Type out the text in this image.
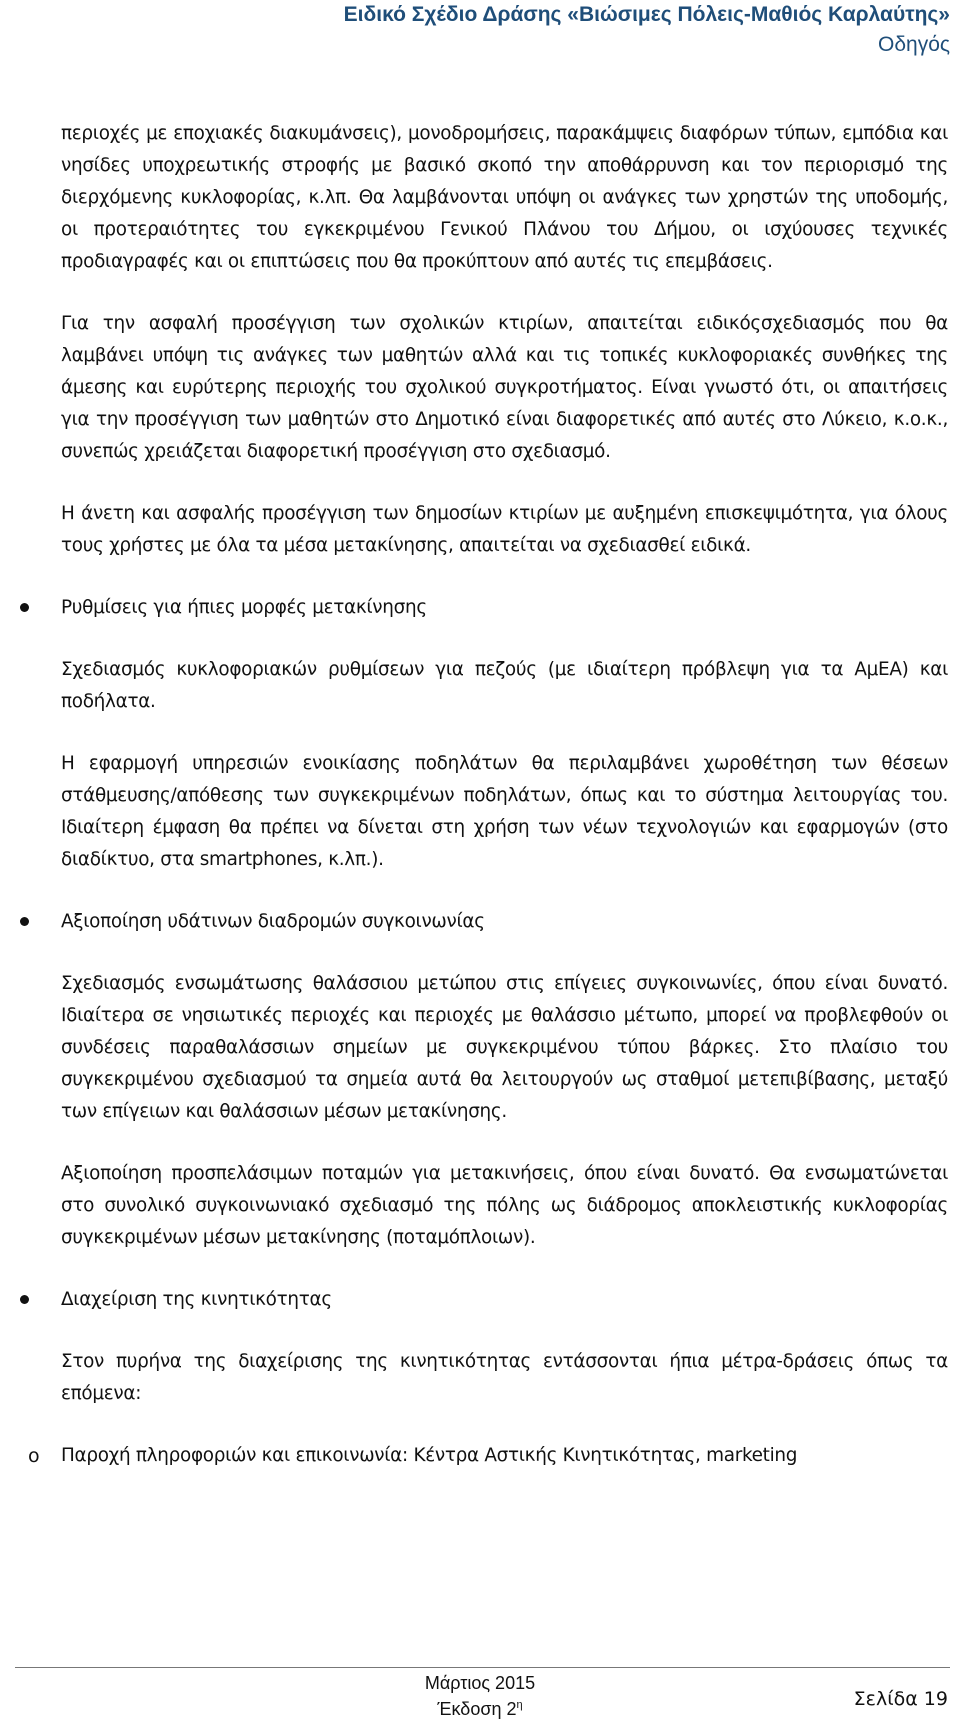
Ειδικό Σχέδιο Δράσης «Βιώσιμες Πόλεις-Μαθιός Καρλαύτης»
Οδηγός

περιοχές με εποχιακές διακυμάνσεις), μονοδρομήσεις, παρακάμψεις διαφόρων τύπων, εμπόδια και νησίδες υποχρεωτικής στροφής με βασικό σκοπό την αποθάρρυνση και τον περιορισμό της διερχόμενης κυκλοφορίας, κ.λπ. Θα λαμβάνονται υπόψη οι ανάγκες των χρηστών της υποδομής, οι προτεραιότητες του εγκεκριμένου Γενικού Πλάνου του Δήμου, οι ισχύουσες τεχνικές προδιαγραφές και οι επιπτώσεις που θα προκύπτουν από αυτές τις επεμβάσεις.

Για την ασφαλή προσέγγιση των σχολικών κτιρίων, απαιτείται ειδικόςσχεδιασμός που θα λαμβάνει υπόψη τις ανάγκες των μαθητών αλλά και τις τοπικές κυκλοφοριακές συνθήκες της άμεσης και ευρύτερης περιοχής του σχολικού συγκροτήματος. Είναι γνωστό ότι, οι απαιτήσεις για την προσέγγιση των μαθητών στο Δημοτικό είναι διαφορετικές από αυτές στο Λύκειο, κ.ο.κ., συνεπώς χρειάζεται διαφορετική προσέγγιση στο σχεδιασμό.

Η άνετη και ασφαλής προσέγγιση των δημοσίων κτιρίων με αυξημένη επισκεψιμότητα, για όλους τους χρήστες με όλα τα μέσα μετακίνησης, απαιτείται να σχεδιασθεί ειδικά.

Ρυθμίσεις για ήπιες μορφές μετακίνησης

Σχεδιασμός κυκλοφοριακών ρυθμίσεων για πεζούς (με ιδιαίτερη πρόβλεψη για τα ΑμΕΑ) και ποδήλατα.

Η εφαρμογή υπηρεσιών ενοικίασης ποδηλάτων θα περιλαμβάνει χωροθέτηση των θέσεων στάθμευσης/απόθεσης των συγκεκριμένων ποδηλάτων, όπως και το σύστημα λειτουργίας του. Ιδιαίτερη έμφαση θα πρέπει να δίνεται στη χρήση των νέων τεχνολογιών και εφαρμογών (στο διαδίκτυο, στα smartphones, κ.λπ.).

Αξιοποίηση υδάτινων διαδρομών συγκοινωνίας

Σχεδιασμός ενσωμάτωσης θαλάσσιου μετώπου στις επίγειες συγκοινωνίες, όπου είναι δυνατό. Ιδιαίτερα σε νησιωτικές περιοχές και περιοχές με θαλάσσιο μέτωπο, μπορεί να προβλεφθούν οι συνδέσεις παραθαλάσσιων σημείων με συγκεκριμένου τύπου βάρκες. Στο πλαίσιο του συγκεκριμένου σχεδιασμού τα σημεία αυτά θα λειτουργούν ως σταθμοί μετεπιβίβασης, μεταξύ των επίγειων και θαλάσσιων μέσων μετακίνησης.

Αξιοποίηση προσπελάσιμων ποταμών για μετακινήσεις, όπου είναι δυνατό. Θα ενσωματώνεται στο συνολικό συγκοινωνιακό σχεδιασμό της πόλης ως διάδρομος αποκλειστικής κυκλοφορίας συγκεκριμένων μέσων μετακίνησης (ποταμόπλοιων).

Διαχείριση της κινητικότητας

Στον πυρήνα της διαχείρισης της κινητικότητας εντάσσονται ήπια μέτρα-δράσεις όπως τα επόμενα:

o Παροχή πληροφοριών και επικοινωνία: Κέντρα Αστικής Κινητικότητας, marketing

Μάρτιος 2015
Έκδοση $2^\eta$	Σελίδα 19
